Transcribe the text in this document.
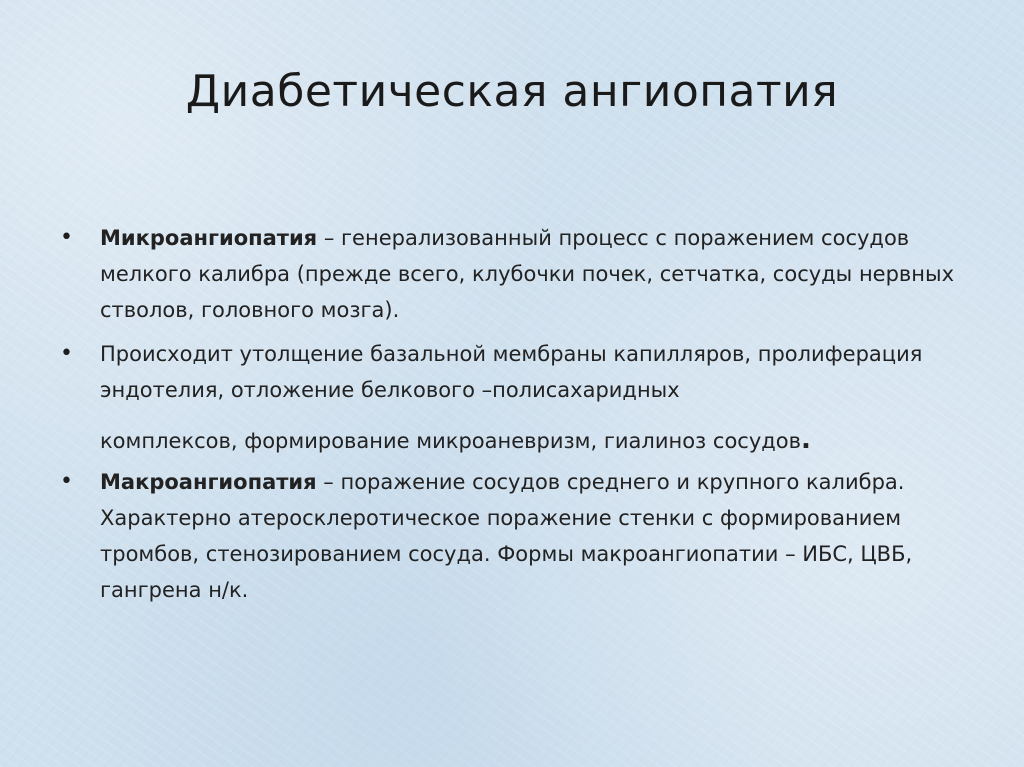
Диабетическая ангиопатия
• Микроангиопатия – генерализованный процесс с поражением сосудов мелкого калибра (прежде всего, клубочки почек, сетчатка, сосуды нервных стволов, головного мозга).
• Происходит утолщение базальной мембраны капилляров, пролиферация эндотелия, отложение белкового –полисахаридных
комплексов, формирование микроаневризм, гиалиноз сосудов.
• Макроангиопатия – поражение сосудов среднего и крупного калибра. Характерно атеросклеротическое поражение стенки с формированием тромбов, стенозированием сосуда. Формы макроангиопатии – ИБС, ЦВБ, гангрена н/к.
